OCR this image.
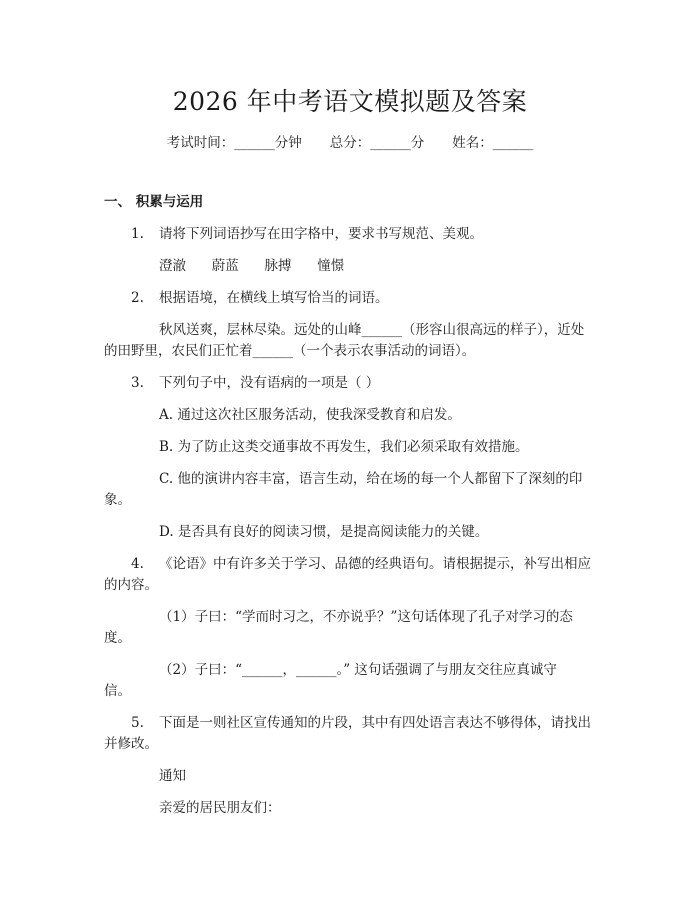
2026 年中考语文模拟题及答案
考试时间：______分钟 总分：______分 姓名：______
一、 积累与运用
1. 请将下列词语抄写在田字格中，要求书写规范、美观。
澄澈      蔚蓝      脉搏      憧憬
2. 根据语境，在横线上填写恰当的词语。
秋风送爽，层林尽染。远处的山峰______（形容山很高远的样子），近处
的田野里，农民们正忙着______（一个表示农事活动的词语）。
3. 下列句子中，没有语病的一项是（ ）
A. 通过这次社区服务活动，使我深受教育和启发。
B. 为了防止这类交通事故不再发生，我们必须采取有效措施。
C. 他的演讲内容丰富，语言生动，给在场的每一个人都留下了深刻的印
象。
D. 是否具有良好的阅读习惯，是提高阅读能力的关键。
4. 《论语》中有许多关于学习、品德的经典语句。请根据提示，补写出相应
的内容。
（1）子曰：“学而时习之，不亦说乎？”这句话体现了孔子对学习的态
度。
（2）子曰：“______，______。” 这句话强调了与朋友交往应真诚守
信。
5. 下面是一则社区宣传通知的片段，其中有四处语言表达不够得体，请找出
并修改。
通知
亲爱的居民朋友们：
